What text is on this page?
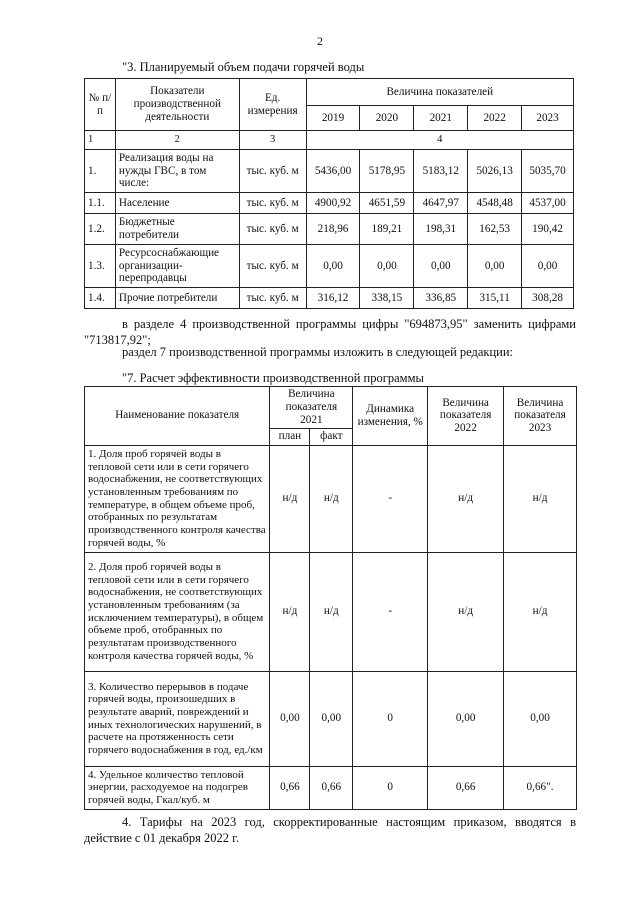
2
"3. Планируемый объем подачи горячей воды
№ п/п	Показатели производственной деятельности	Ед. измерения	Величина показателей				
			2019	2020	2021	2022	2023
1	2	3	4				
1.	Реализация воды на нужды ГВС, в том числе:	тыс. куб. м	5436,00	5178,95	5183,12	5026,13	5035,70
1.1.	Население	тыс. куб. м	4900,92	4651,59	4647,97	4548,48	4537,00
1.2.	Бюджетные потребители	тыс. куб. м	218,96	189,21	198,31	162,53	190,42
1.3.	Ресурсоснабжающие организации-перепродавцы	тыс. куб. м	0,00	0,00	0,00	0,00	0,00
1.4.	Прочие потребители	тыс. куб. м	316,12	338,15	336,85	315,11	308,28
в разделе 4 производственной программы цифры "694873,95" заменить цифрами "713817,92";
раздел 7 производственной программы изложить в следующей редакции:
"7. Расчет эффективности производственной программы
Наименование показателя	Величина показателя 2021		Динамика изменения, %	Величина показателя 2022	Величина показателя 2023
	план	факт			
1. Доля проб горячей воды в тепловой сети или в сети горячего водоснабжения, не соответствующих установленным требованиям по температуре, в общем объеме проб, отобранных по результатам производственного контроля качества горячей воды, %	н/д	н/д	-	н/д	н/д
2. Доля проб горячей воды в тепловой сети или в сети горячего водоснабжения, не соответствующих установленным требованиям (за исключением температуры), в общем объеме проб, отобранных по результатам производственного контроля качества горячей воды, %	н/д	н/д	-	н/д	н/д
3. Количество перерывов в подаче горячей воды, произошедших в результате аварий, повреждений и иных технологических нарушений, в расчете на протяженность сети горячего водоснабжения в год, ед./км	0,00	0,00	0	0,00	0,00
4. Удельное количество тепловой энергии, расходуемое на подогрев горячей воды, Гкал/куб. м	0,66	0,66	0	0,66	0,66".
4. Тарифы на 2023 год, скорректированные настоящим приказом, вводятся в действие с 01 декабря 2022 г.
